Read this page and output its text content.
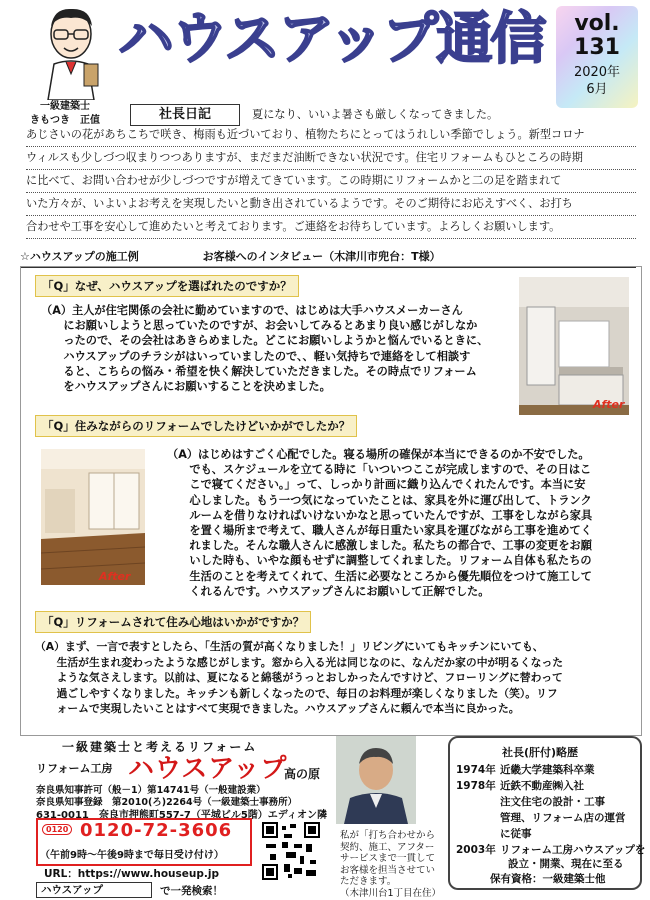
ハウスアップ通信	vol.
131
2020年
6月
一級建築士
きもつき　正值	社長日記	夏になり、いいよ暑さも厳しくなってきました。
あじさいの花があちこちで咲き、梅雨も近づいており、植物たちにとってはうれしい季節でしょう。新型コロナ
ウィルスも少しづつ収まりつつありますが、まだまだ油断できない状況です。住宅リフォームもひところの時期
に比べて、お問い合わせが少しづつですが増えてきています。この時期にリフォームかと二の足を踏まれて
いた方々が、いよいよお考えを実現したいと動き出されているようです。そのご期待にお応えすべく、お打ち
合わせや工事を安心して進めたいと考えております。ご連絡をお待ちしています。よろしくお願いします。
☆ハウスアップの施工例	お客様へのインタビュー（木津川市兜台：T様）
「Q」なぜ、ハウスアップを選ばれたのですか？
（A）主人が住宅関係の会社に勤めていますので、はじめは大手ハウスメーカーさん
　　にお願いしようと思っていたのですが、お会いしてみるとあまり良い感じがしなか
　　ったので、その会社はあきらめました。どこにお願いしようかと悩んでいるときに、
　　ハウスアップのチラシがはいっていましたので、、軽い気持ちで連絡をして相談す
　　ると、こちらの悩み・希望を快く解決していただきました。その時点でリフォーム
　　をハウスアップさんにお願いすることを決めました。
After
「Q」住みながらのリフォームでしたけどいかがでしたか？
After
（A）はじめはすごく心配でした。寝る場所の確保が本当にできるのか不安でした。
　　でも、スケジュールを立てる時に「いついつここが完成しますので、その日はこ
　　こで寝てください。」って、しっかり計画に織り込んでくれたんです。本当に安
　　心しました。もう一つ気になっていたことは、家具を外に運び出して、トランク
　　ルームを借りなければいけないかなと思っていたんですが、工事をしながら家具
　　を置く場所まで考えて、職人さんが毎日重たい家具を運びながら工事を進めてく
　　れました。そんな職人さんに感激しました。私たちの都合で、工事の変更をお願
　　いした時も、いやな顔もせずに調整してくれました。リフォーム自体も私たちの
　　生活のことを考えてくれて、生活に必要なところから優先順位をつけて施工して
　　くれるんです。ハウスアップさんにお願いして正解でした。
「Q」リフォームされて住み心地はいかがですか？
（A）まず、一言で表すとしたら、「生活の質が高くなりました！」リビングにいてもキッチンにいても、
　　生活が生まれ変わったような感じがします。窓から入る光は同じなのに、なんだか家の中が明るくなった
　　ような気さえします。以前は、夏になると綿毯がうっとおしかったんですけど、フローリングに替わって
　　過ごしやすくなりました。キッチンも新しくなったので、毎日のお料理が楽しくなりました（笑）。リフ
　　ォームで実現したいことはすべて実現できました。ハウスアップさんに頼んで本当に良かった。
一級建築士と考えるリフォーム
リフォーム工房 ハウスアップ
高の原
奈良県知事許可（般－1）第14741号（一般建設業）
奈良県知事登録　第2010(ろ)2264号（一級建築士事務所）
631-0011　奈良市押熊町557-7（平城ビル5階）エディオン隣
0120 0120-72-3606
（午前9時～午後9時まで毎日受け付け）
URL：https://www.houseup.jp
ハウスアップ	で一発検索！
私が「打ち合わせから
契約、施工、アフター
サービスまで一貫して
お客様を担当させてい
ただきます。
（木津川台1丁目在住）
社長(肝付)略歴
1974年 近畿大学建築科卒業
1978年 近鉄不動産㈱入社
注文住宅の設計・工事
管理、リフォーム店の運営
に従事
2003年 リフォーム工房ハウスアップを
設立・開業、現在に至る
保有資格：一級建築士他
